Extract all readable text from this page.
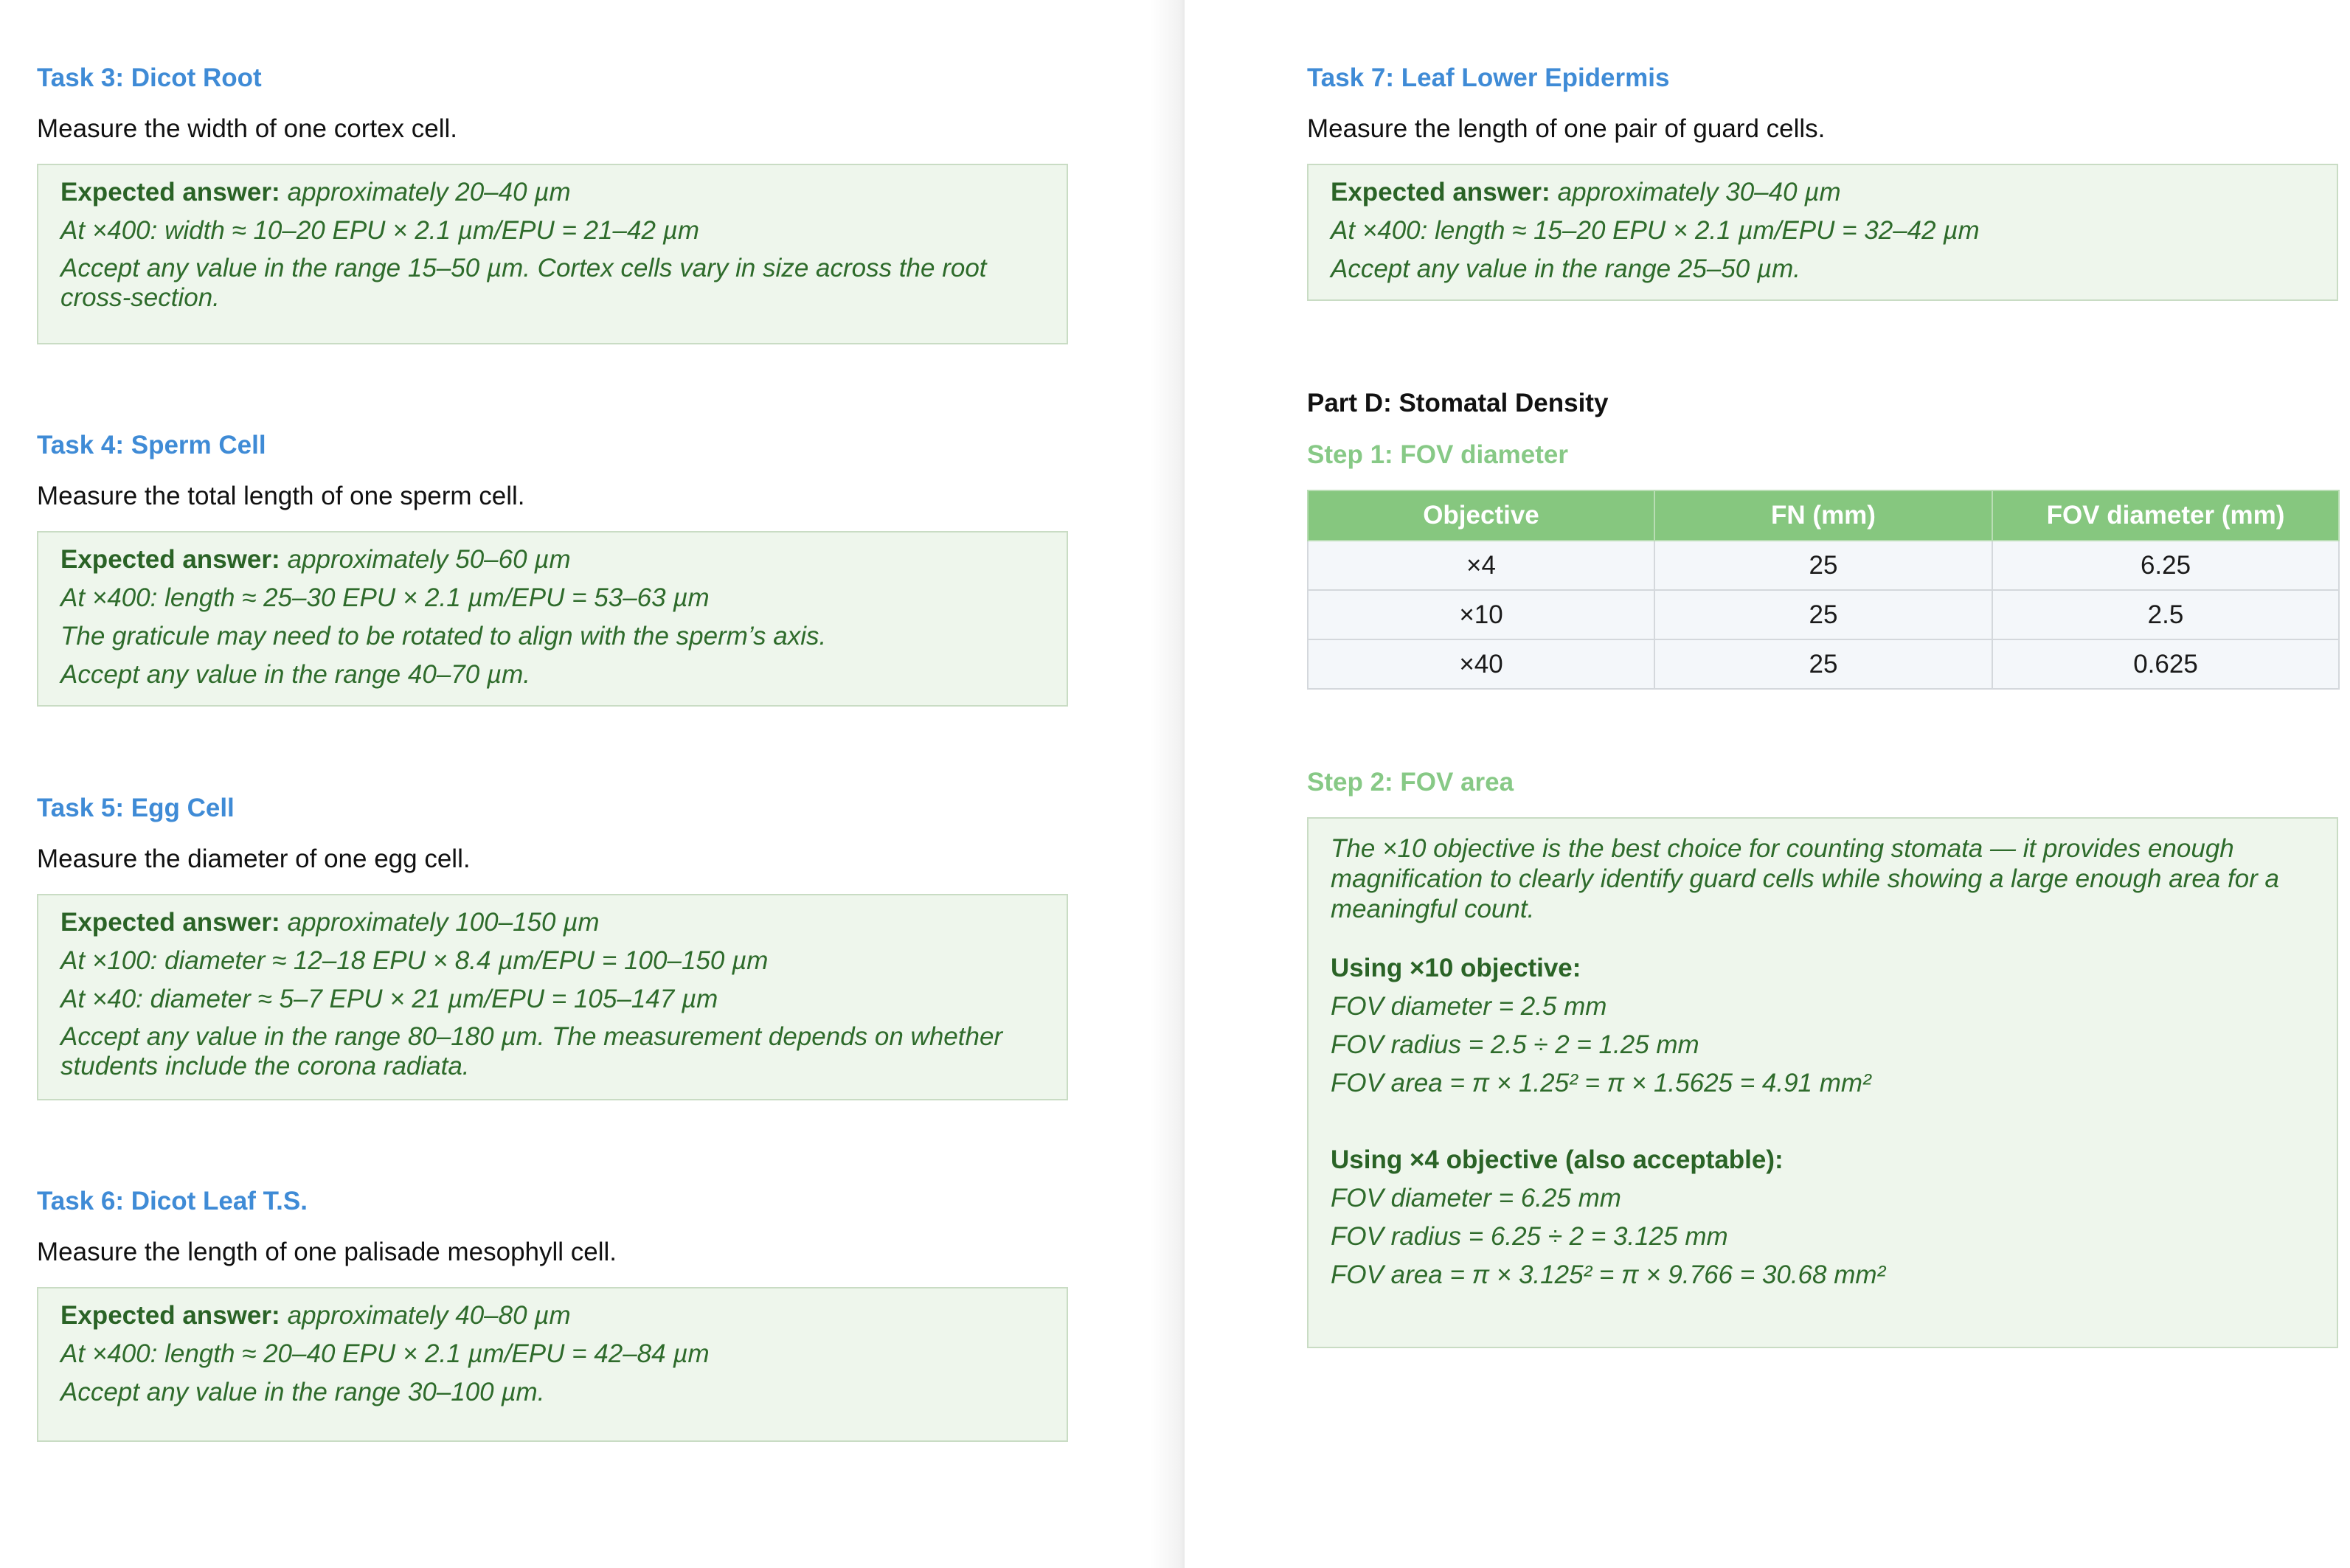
Task 3: Dicot Root

Measure the width of one cortex cell.

Expected answer: approximately 20–40 µm

At ×400: width ≈ 10–20 EPU × 2.1 µm/EPU = 21–42 µm

Accept any value in the range 15–50 µm. Cortex cells vary in size across the root cross-section.

Task 4: Sperm Cell

Measure the total length of one sperm cell.

Expected answer: approximately 50–60 µm

At ×400: length ≈ 25–30 EPU × 2.1 µm/EPU = 53–63 µm

The graticule may need to be rotated to align with the sperm’s axis.

Accept any value in the range 40–70 µm.

Task 5: Egg Cell

Measure the diameter of one egg cell.

Expected answer: approximately 100–150 µm

At ×100: diameter ≈ 12–18 EPU × 8.4 µm/EPU = 100–150 µm

At ×40: diameter ≈ 5–7 EPU × 21 µm/EPU = 105–147 µm

Accept any value in the range 80–180 µm. The measurement depends on whether students include the corona radiata.

Task 6: Dicot Leaf T.S.

Measure the length of one palisade mesophyll cell.

Expected answer: approximately 40–80 µm

At ×400: length ≈ 20–40 EPU × 2.1 µm/EPU = 42–84 µm

Accept any value in the range 30–100 µm.

Task 7: Leaf Lower Epidermis

Measure the length of one pair of guard cells.

Expected answer: approximately 30–40 µm

At ×400: length ≈ 15–20 EPU × 2.1 µm/EPU = 32–42 µm

Accept any value in the range 25–50 µm.

Part D: Stomatal Density
Step 1: FOV diameter
Objective	FN (mm)	FOV diameter (mm)
×4	25	6.25
×10	25	2.5
×40	25	0.625
Step 2: FOV area

The ×10 objective is the best choice for counting stomata — it provides enough magnification to clearly identify guard cells while showing a large enough area for a meaningful count.

Using ×10 objective:

FOV diameter = 2.5 mm

FOV radius = 2.5 ÷ 2 = 1.25 mm

FOV area = π × 1.25² = π × 1.5625 = 4.91 mm²

Using ×4 objective (also acceptable):

FOV diameter = 6.25 mm

FOV radius = 6.25 ÷ 2 = 3.125 mm

FOV area = π × 3.125² = π × 9.766 = 30.68 mm²
